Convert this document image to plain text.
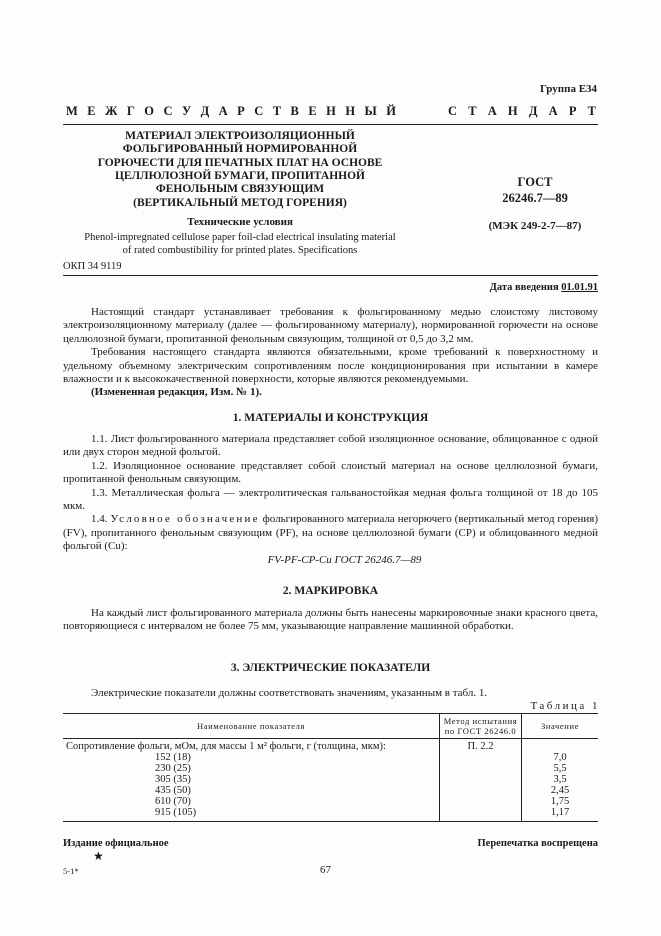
Группа Е34
М Е Ж Г О С У Д А Р С Т В Е Н Н Ы Й	С Т А Н Д А Р Т
МАТЕРИАЛ ЭЛЕКТРОИЗОЛЯЦИОННЫЙ
ФОЛЬГИРОВАННЫЙ НОРМИРОВАННОЙ
ГОРЮЧЕСТИ ДЛЯ ПЕЧАТНЫХ ПЛАТ НА ОСНОВЕ
ЦЕЛЛЮЛОЗНОЙ БУМАГИ, ПРОПИТАННОЙ
ФЕНОЛЬНЫМ СВЯЗУЮЩИМ
(ВЕРТИКАЛЬНЫЙ МЕТОД ГОРЕНИЯ)
Технические условия
Phenol-impregnated cellulose paper foil-clad electrical insulating material
of rated combustibility for printed plates. Specifications
ГОСТ
26246.7—89
(МЭК 249-2-7—87)
ОКП 34 9119
Дата введения 01.01.91

Настоящий стандарт устанавливает требования к фольгированному медью слоистому листовому электроизоляционному материалу (далее — фольгированному материалу), нормированной горючести на основе целлюлозной бумаги, пропитанной фенольным связующим, толщиной от 0,5 до 3,2 мм.

Требования настоящего стандарта являются обязательными, кроме требований к поверхностному и удельному объемному электрическим сопротивлениям после кондиционирования при испытании в камере влажности и к высококачественной поверхности, которые являются рекомендуемыми.

(Измененная редакция, Изм. № 1).

1. МАТЕРИАЛЫ И КОНСТРУКЦИЯ

1.1. Лист фольгированного материала представляет собой изоляционное основание, облицованное с одной или двух сторон медной фольгой.

1.2. Изоляционное основание представляет собой слоистый материал на основе целлюлозной бумаги, пропитанной фенольным связующим.

1.3. Металлическая фольга — электролитическая гальваностойкая медная фольга толщиной от 18 до 105 мкм.

1.4. Условное обозначение фольгированного материала негорючего (вертикальный метод горения) (FV), пропитанного фенольным связующим (PF), на основе целлюлозной бумаги (CP) и облицованного медной фольгой (Cu):

FV-PF-CP-Cu ГОСТ 26246.7—89

2. МАРКИРОВКА

На каждый лист фольгированного материала должны быть нанесены маркировочные знаки красного цвета, повторяющиеся с интервалом не более 75 мм, указывающие направление машинной обработки.

3. ЭЛЕКТРИЧЕСКИЕ ПОКАЗАТЕЛИ

Электрические показатели должны соответствовать значениям, указанным в табл. 1.

Таблица 1
Наименование показателя	Метод испытания по ГОСТ 26246.0	Значение
Сопротивление фольги, мОм, для массы 1 м² фольги, г (толщина, мкм):	П. 2.2	
152 (18)		7,0
230 (25)		5,5
305 (35)		3,5
435 (50)		2,45
610 (70)		1,75
915 (105)		1,17
Издание официальное	Перепечатка воспрещена
★
5-1*	67
